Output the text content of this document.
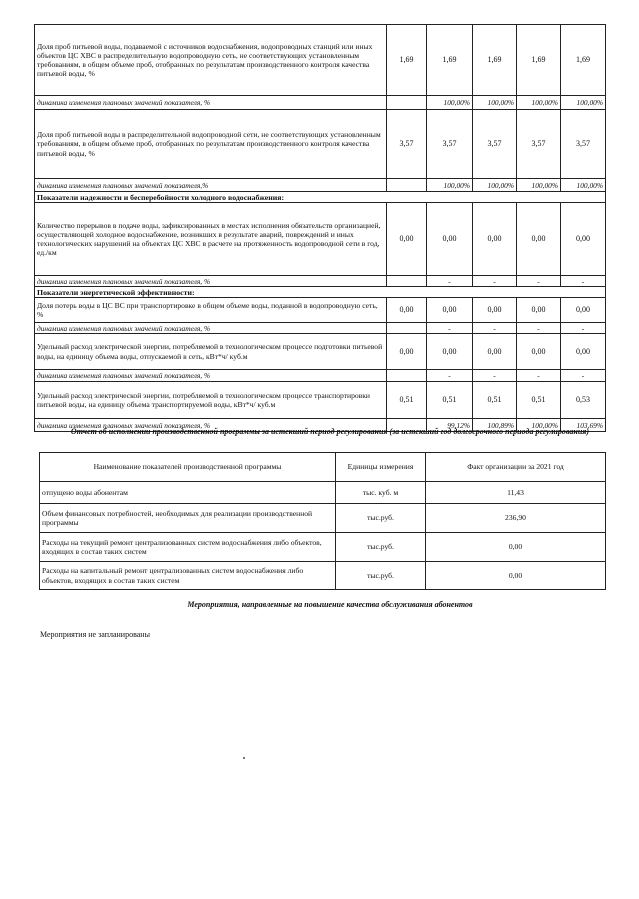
Доля проб питьевой воды, подаваемой с источников водоснабжения, водопроводных станций или иных объектов ЦС ХВС в распределительную водопроводную сеть, не соответствующих установленным требованиям, в общем объеме проб, отобранных по результатам производственного контроля качества питьевой воды, %	1,69	1,69	1,69	1,69	1,69
динамика изменения плановых значений показателя, %		100,00%	100,00%	100,00%	100,00%
Доля проб питьевой воды в распределительной водопроводной сети, не соответствующих установленным требованиям, в общем объеме проб, отобранных по результатам производственного контроля качества питьевой воды, %	3,57	3,57	3,57	3,57	3,57
динамика изменения плановых значений показателя,%		100,00%	100,00%	100,00%	100,00%
Показатели надежности и бесперебойности холодного водоснабжения:					
Количество перерывов в подаче воды, зафиксированных в местах исполнения обязательств организацией, осуществляющей холодное водоснабжение, возникших в результате аварий, повреждений и иных технологических нарушений на объектах ЦС ХВС в расчете на протяженность водопроводной сети в год, ед./км	0,00	0,00	0,00	0,00	0,00
динамика изменения плановых значений показателя, %		-	-	-	-
Показатели энергетической эффективности:					
Доля потерь воды в ЦС ВС при транспортировке в общем объеме воды, поданной в водопроводную сеть, %	0,00	0,00	0,00	0,00	0,00
динамика изменения плановых значений показателя, %		-	-	-	-
Удельный расход электрической энергии, потребляемой в технологическом процессе подготовки питьевой воды, на единицу объема воды, отпускаемой в сеть, кВт*ч/ куб.м	0,00	0,00	0,00	0,00	0,00
динамика изменения плановых значений показателя, %		-	-	-	-
Удельный расход электрической энергии, потребляемой в технологическом процессе транспортировки питьевой воды, на единицу объема транспортируемой воды, кВт*ч/ куб.м	0,51	0,51	0,51	0,51	0,53
динамика изменения плановых значений показателя, %		99,12%	100,89%	100,00%	103,69%
Отчет об исполнении производственной программы за истекший период регулирования (за истекший год долгосрочного периода регулирования)
Наименование показателей производственной программы	Единицы измерения	Факт организации за 2021 год
отпущено воды абонентам	тыс. куб. м	11,43
Объем финансовых потребностей, необходимых для реализации производственной программы	тыс.руб.	236,90
Расходы на текущий ремонт централизованных систем водоснабжения либо объектов, входящих в состав таких систем	тыс.руб.	0,00
Расходы на капитальный ремонт централизованных систем водоснабжения либо объектов, входящих в состав таких систем	тыс.руб.	0,00
Мероприятия, направленные на повышение качества обслуживания абонентов
Мероприятия не запланированы
